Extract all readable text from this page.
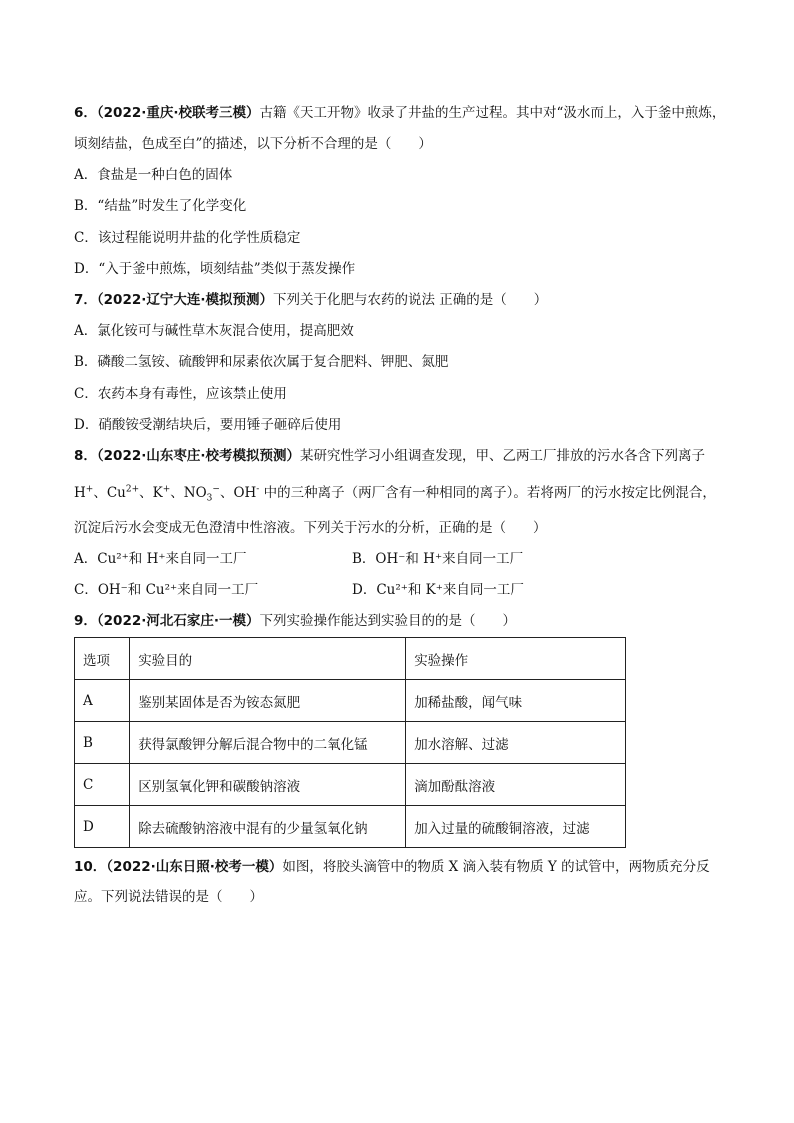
6．（2022·重庆·校联考三模）古籍《天工开物》收录了井盐的生产过程。其中对“汲水而上，入于釜中煎炼，
顷刻结盐，色成至白”的描述，以下分析不合理的是（　　）
A．食盐是一种白色的固体
B．“结盐”时发生了化学变化
C．该过程能说明井盐的化学性质稳定
D．“入于釜中煎炼，顷刻结盐”类似于蒸发操作
7．（2022·辽宁大连·模拟预测）下列关于化肥与农药的说法 正确的是（　　）
A．氯化铵可与碱性草木灰混合使用，提高肥效
B．磷酸二氢铵、硫酸钾和尿素依次属于复合肥料、钾肥、氮肥
C．农药本身有毒性，应该禁止使用
D．硝酸铵受潮结块后，要用锤子砸碎后使用
8．（2022·山东枣庄·校考模拟预测）某研究性学习小组调查发现，甲、乙两工厂排放的污水各含下列离子
H+、$Cu^{2+}$、K+、$NO_3^-$、OH- 中的三种离子（两厂含有一种相同的离子）。若将两厂的污水按定比例混合，
沉淀后污水会变成无色澄清中性溶液。下列关于污水的分析，正确的是（　　）
A．Cu²⁺和 H⁺来自同一工厂	B．OH⁻和 H⁺来自同一工厂
C．OH⁻和 Cu²⁺来自同一工厂	D．Cu²⁺和 K⁺来自同一工厂
9．（2022·河北石家庄·一模）下列实验操作能达到实验目的的是（　　）
选项	实验目的	实验操作
A	鉴别某固体是否为铵态氮肥	加稀盐酸，闻气味
B	获得氯酸钾分解后混合物中的二氧化锰	加水溶解、过滤
C	区别氢氧化钾和碳酸钠溶液	滴加酚酞溶液
D	除去硫酸钠溶液中混有的少量氢氧化钠	加入过量的硫酸铜溶液，过滤
10．（2022·山东日照·校考一模）如图，将胶头滴管中的物质 X 滴入装有物质 Y 的试管中，两物质充分反
应。下列说法错误的是（　　）
